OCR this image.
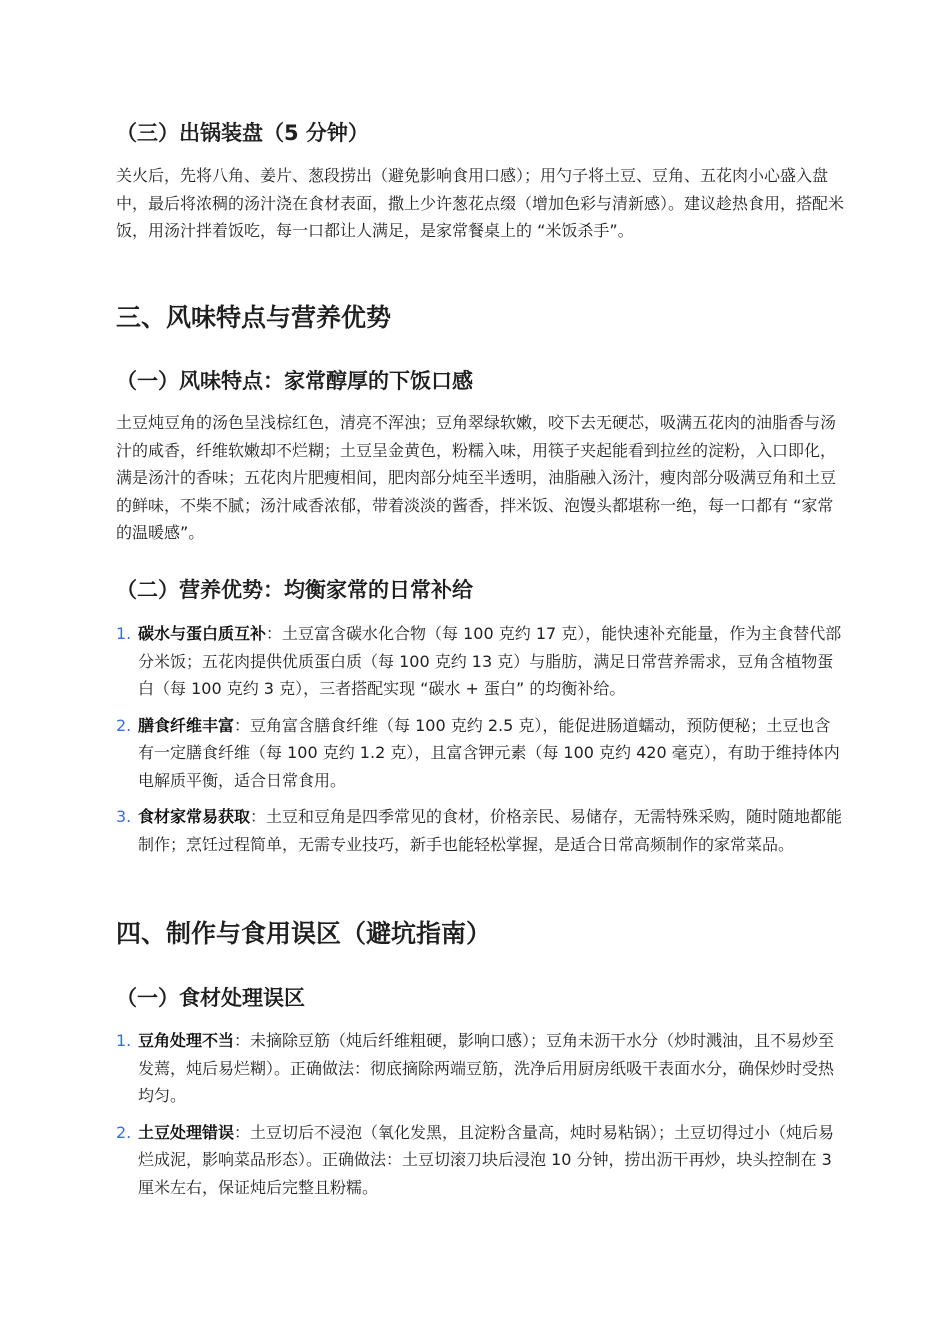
（三）出锅装盘（5 分钟）

关火后，先将八角、姜片、葱段捞出（避免影响食用口感）；用勺子将土豆、豆角、五花肉小心盛入盘中，最后将浓稠的汤汁浇在食材表面，撒上少许葱花点缀（增加色彩与清新感）。建议趁热食用，搭配米饭，用汤汁拌着饭吃，每一口都让人满足，是家常餐桌上的 “米饭杀手”。

三、风味特点与营养优势
（一）风味特点：家常醇厚的下饭口感

土豆炖豆角的汤色呈浅棕红色，清亮不浑浊；豆角翠绿软嫩，咬下去无硬芯，吸满五花肉的油脂香与汤汁的咸香，纤维软嫩却不烂糊；土豆呈金黄色，粉糯入味，用筷子夹起能看到拉丝的淀粉，入口即化，满是汤汁的香味；五花肉片肥瘦相间，肥肉部分炖至半透明，油脂融入汤汁，瘦肉部分吸满豆角和土豆的鲜味，不柴不腻；汤汁咸香浓郁，带着淡淡的酱香，拌米饭、泡馒头都堪称一绝，每一口都有 “家常的温暖感”。

（二）营养优势：均衡家常的日常补给
1. 碳水与蛋白质互补：土豆富含碳水化合物（每 100 克约 17 克），能快速补充能量，作为主食替代部分米饭；五花肉提供优质蛋白质（每 100 克约 13 克）与脂肪，满足日常营养需求，豆角含植物蛋白（每 100 克约 3 克），三者搭配实现 “碳水 + 蛋白” 的均衡补给。
2. 膳食纤维丰富：豆角富含膳食纤维（每 100 克约 2.5 克），能促进肠道蠕动，预防便秘；土豆也含有一定膳食纤维（每 100 克约 1.2 克），且富含钾元素（每 100 克约 420 毫克），有助于维持体内电解质平衡，适合日常食用。
3. 食材家常易获取：土豆和豆角是四季常见的食材，价格亲民、易储存，无需特殊采购，随时随地都能制作；烹饪过程简单，无需专业技巧，新手也能轻松掌握，是适合日常高频制作的家常菜品。
四、制作与食用误区（避坑指南）
（一）食材处理误区
1. 豆角处理不当：未摘除豆筋（炖后纤维粗硬，影响口感）；豆角未沥干水分（炒时溅油，且不易炒至发蔫，炖后易烂糊）。正确做法：彻底摘除两端豆筋，洗净后用厨房纸吸干表面水分，确保炒时受热均匀。
2. 土豆处理错误：土豆切后不浸泡（氧化发黑，且淀粉含量高，炖时易粘锅）；土豆切得过小（炖后易烂成泥，影响菜品形态）。正确做法：土豆切滚刀块后浸泡 10 分钟，捞出沥干再炒，块头控制在 3 厘米左右，保证炖后完整且粉糯。
